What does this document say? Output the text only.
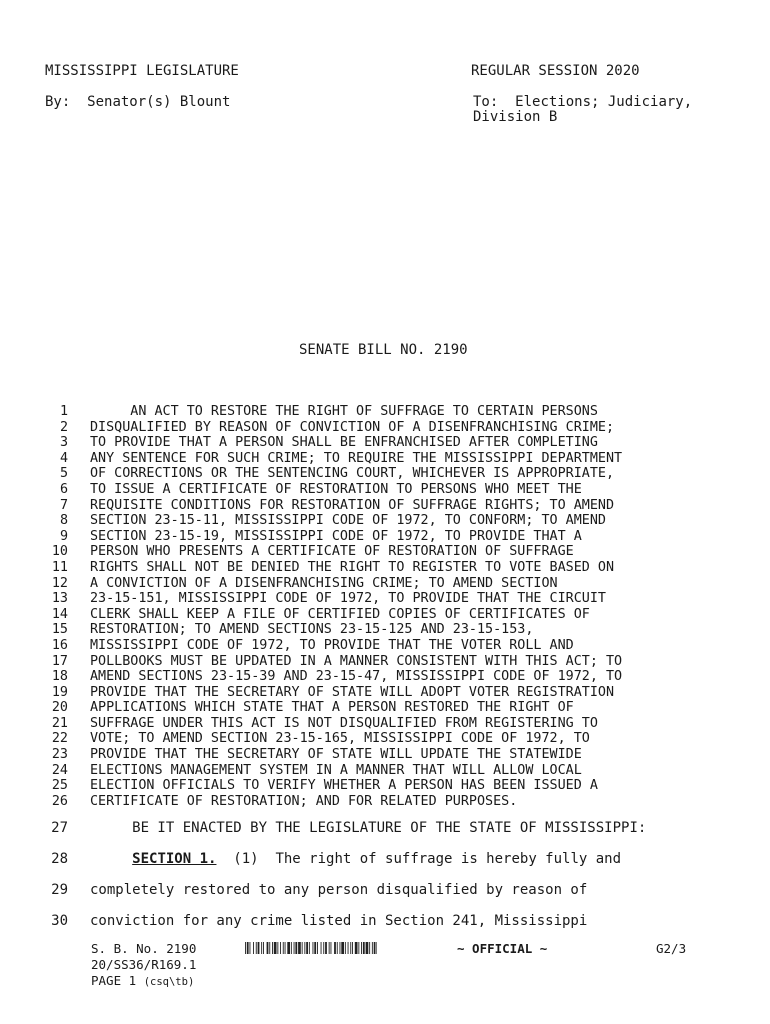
MISSISSIPPI LEGISLATURE	REGULAR SESSION 2020
By: Senator(s) Blount	To: Elections; Judiciary,
Division B
SENATE BILL NO. 2190
1 AN ACT TO RESTORE THE RIGHT OF SUFFRAGE TO CERTAIN PERSONS
2 DISQUALIFIED BY REASON OF CONVICTION OF A DISENFRANCHISING CRIME;
3 TO PROVIDE THAT A PERSON SHALL BE ENFRANCHISED AFTER COMPLETING
4 ANY SENTENCE FOR SUCH CRIME; TO REQUIRE THE MISSISSIPPI DEPARTMENT
5 OF CORRECTIONS OR THE SENTENCING COURT, WHICHEVER IS APPROPRIATE,
6 TO ISSUE A CERTIFICATE OF RESTORATION TO PERSONS WHO MEET THE
7 REQUISITE CONDITIONS FOR RESTORATION OF SUFFRAGE RIGHTS; TO AMEND
8 SECTION 23-15-11, MISSISSIPPI CODE OF 1972, TO CONFORM; TO AMEND
9 SECTION 23-15-19, MISSISSIPPI CODE OF 1972, TO PROVIDE THAT A
10 PERSON WHO PRESENTS A CERTIFICATE OF RESTORATION OF SUFFRAGE
11 RIGHTS SHALL NOT BE DENIED THE RIGHT TO REGISTER TO VOTE BASED ON
12 A CONVICTION OF A DISENFRANCHISING CRIME; TO AMEND SECTION
13 23-15-151, MISSISSIPPI CODE OF 1972, TO PROVIDE THAT THE CIRCUIT
14 CLERK SHALL KEEP A FILE OF CERTIFIED COPIES OF CERTIFICATES OF
15 RESTORATION; TO AMEND SECTIONS 23-15-125 AND 23-15-153,
16 MISSISSIPPI CODE OF 1972, TO PROVIDE THAT THE VOTER ROLL AND
17 POLLBOOKS MUST BE UPDATED IN A MANNER CONSISTENT WITH THIS ACT; TO
18 AMEND SECTIONS 23-15-39 AND 23-15-47, MISSISSIPPI CODE OF 1972, TO
19 PROVIDE THAT THE SECRETARY OF STATE WILL ADOPT VOTER REGISTRATION
20 APPLICATIONS WHICH STATE THAT A PERSON RESTORED THE RIGHT OF
21 SUFFRAGE UNDER THIS ACT IS NOT DISQUALIFIED FROM REGISTERING TO
22 VOTE; TO AMEND SECTION 23-15-165, MISSISSIPPI CODE OF 1972, TO
23 PROVIDE THAT THE SECRETARY OF STATE WILL UPDATE THE STATEWIDE
24 ELECTIONS MANAGEMENT SYSTEM IN A MANNER THAT WILL ALLOW LOCAL
25 ELECTION OFFICIALS TO VERIFY WHETHER A PERSON HAS BEEN ISSUED A
26 CERTIFICATE OF RESTORATION; AND FOR RELATED PURPOSES.
27 BE IT ENACTED BY THE LEGISLATURE OF THE STATE OF MISSISSIPPI:
28	SECTION 1.  (1)  The right of suffrage is hereby fully and
29 completely restored to any person disqualified by reason of
30 conviction for any crime listed in Section 241, Mississippi
S. B. No. 2190	~ OFFICIAL ~	G2/3
20/SS36/R169.1
PAGE 1 (csq\tb)
